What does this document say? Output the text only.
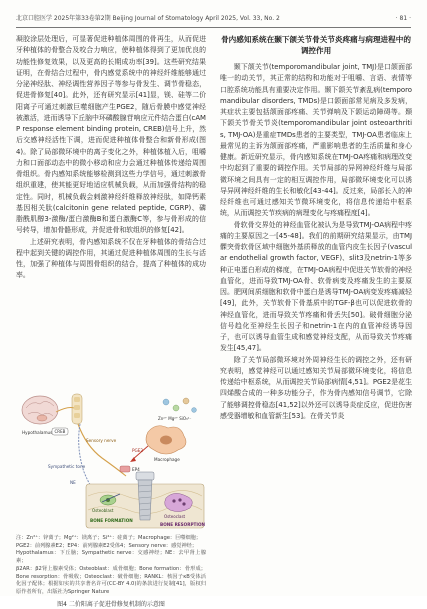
北京口腔医学 2025年第33卷第2期 Beijing Journal of Stomatology April 2025, Vol. 33, No. 2	· 81 ·

凝胶涂层处理后，可显著促进种植体周围的骨再生，从而促进牙种植体的骨整合及咬合力响应，使种植体得到了更加优良的功能性修复效果，以及更高的长期成功率[39]。这些研究结果证明，在骨结合过程中，骨内感觉系统中的神经纤维能够通过分泌神经肽、神经调性营养因子等参与骨发生、调节骨稳态，促进骨修复[40]。此外，还有研究显示[41]显，镁、硅等二价阳离子可通过刺激巨噬细胞产生PGE2，随后骨膜中感觉神经被激活，进而诱导下丘脑中环磷酸腺苷响应元件结合蛋白(cAMP response element binding protein, CREB)信号上升，然后交感神经活性下调，进而促进种植体骨整合和新骨形成(图4)。除了局部微环境中的离子变化之外，种植体植入后，咀嚼力和口面部动态中的微小移动和应力会通过种植体传递给周围骨组织。骨内感知系统能够检测到这些力学信号，通过刺激骨组织重建，使其能更好地适应机械负载，从而加强骨结构的稳定性。同时，机械负载会刺激神经纤维释放神经肽，如降钙素基因相关肽(calcitonin gene related peptide, CGRP)、磷脂酰肌醇3-激酶/蛋白激酶B和蛋白激酶C等，参与骨形成的信号转导，增加骨骼形成，并促进骨和软组织的修复[42]。

上述研究表明，骨内感知系统不仅在牙种植体的骨结合过程中起到关键的调控作用，其通过促进种植体周围的生长与活性，加强了种植体与周围骨组织的结合，提高了种植体的成功率。

Hypothalamus CREB
Sensory nerve
Sympathetic tone
NE
Zn²⁺ Mg²⁺ SiO₃²⁻
Macrophage
PGE2
EP4
Osteoblast
BONE FORMATION
Osteoclast
BONE RESORPTION

注：Zn²⁺：锌离子；Mg²⁺：镁离子；Si⁴⁺：硅离子；Macrophage：巨噬细胞；

PGE2：前列腺素E2；EP4：前列腺素E2受体4；Sensory nerve：感觉神经；

Hypothalamus：下丘脑；Sympathetic nerve：交感神经；NE：去甲肾上腺素；

β2AR：β2肾上腺素受体；Osteoblast：成骨细胞；Bone formation：骨形成；Bone resorption：骨吸收；Osteoclast：破骨细胞；RANKL：核因子κB受体活化因子配体；根据如实的共享著名许可(CC-BY 4.0)的条款进行复制[41]，版权归原作者所有，出版社为Springer Nature

图4 二价阳离子促进骨修复机制的示意图

骨内感知系统在颞下颌关节骨关节炎疼痛与病理进程中的调控作用

颞下颌关节(temporomandibular joint, TMJ)是口颌面部唯一的动关节，其正常的结构和功能对于咀嚼、言语、表情等口腔系统功能具有重要决定作用。颞下颌关节紊乱病(temporomandibular disorders, TMDs)是口颌面部常见病及多发病，其症状主要包括颌面部疼痛、关节弹响及下颌运动障碍等。颞下颌关节骨关节炎(temporomandibular joint osteoarthritis, TMJ-OA)是重症TMDs患者的主要类型，TMJ-OA患者临床上最常见的主诉为颌面部疼痛，严重影响患者的生活质量和身心健康。新近研究显示，骨内感知系统在TMJ-OA疼痛和病理改变中均起到了重要的调控作用。关节局部的异网神经纤维与局部微环境之间具有一定的相互调控作用，局部微环境变化可以诱导异网神经纤维的生长和敏化[43-44]。反过来，局部长入的神经纤维也可通过感知关节微环境变化，将信息传递给中枢系统，从而调控关节疾病的病理变化与疼痛程度[4]。

骨软骨交界处的神经血管化被认为是导致TMJ-OA病程中疼痛的主要原因之一[45-48]。我们的前期研究结果显示，由TMJ髁突骨软骨区域中细胞外基质释放的血管内皮生长因子(vascular endothelial growth factor, VEGF)、slit3及netrin-1等多种正电蛋白形成的梯度，在TMJ-OA病程中促进关节软骨的神经血管化，进而导致TMJ-OA骨、软骨病变及疼痛发生的主要原因。肥网间质细胞和软骨中蛋白是诱导TMJ-OA病变发疼痛减轻[49]，此外，关节软骨下骨基质中的TGF-β也可以促进软骨的神经血管化，进而导致关节疼痛和骨丢失[50]。破骨细胞分泌信号趋化至神经生长因子和netrin-1在内的血管神经诱导因子，也可以诱导血管生成和感觉神经支配，从而导致关节疼痛发生[45,47]。

除了关节局部微环境对外周神经生长的调控之外，还有研究表明，感觉神经可以通过感知关节局部微环境变化，将信息传递给中枢系统，从而调控关节局部病情[4,51]。PGE2是花生四烯酸合成的一种多功能分子，作为骨内感知信号调节，它除了能够调控骨稳态[41,52]以外还可以诱导炎症反应，促进伤害感受器增敏和血管新生[53]。在骨关节炎
